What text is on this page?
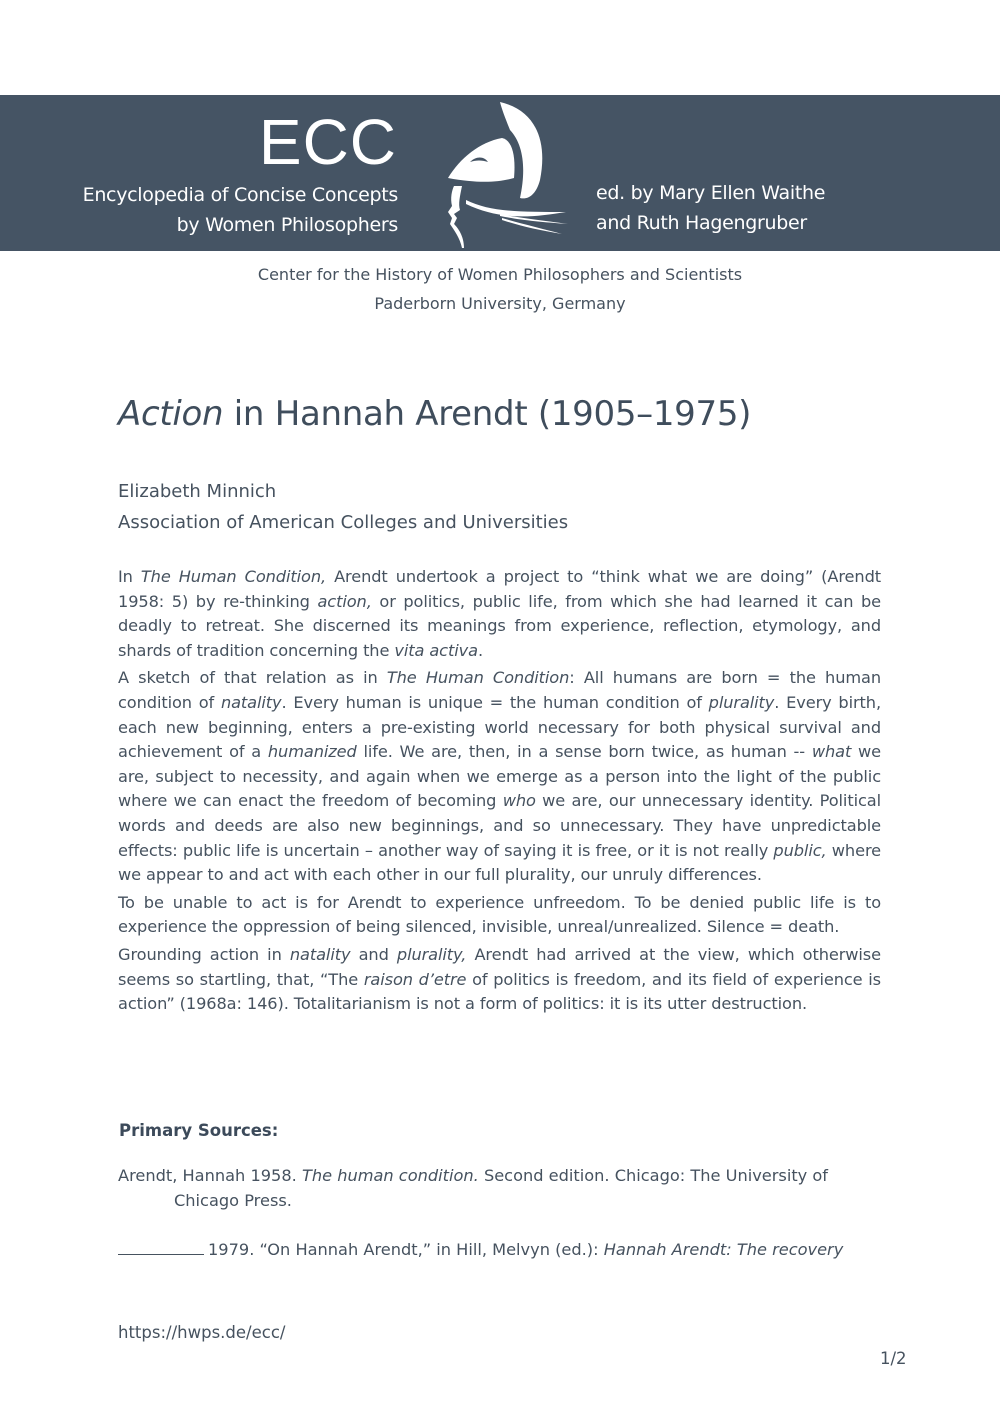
ECC
Encyclopedia of Concise Concepts
by Women Philosophers
ed. by Mary Ellen Waithe
and Ruth Hagengruber
Center for the History of Women Philosophers and Scientists
Paderborn University, Germany
Action in Hannah Arendt (1905–1975)
Elizabeth Minnich
Association of American Colleges and Universities

In The Human Condition, Arendt undertook a project to “think what we are doing” (Arendt 1958: 5) by re-thinking action, or politics, public life, from which she had learned it can be deadly to retreat. She discerned its meanings from experience, reflection, etymology, and shards of tradition concerning the vita activa.

A sketch of that relation as in The Human Condition: All humans are born = the human condition of natality. Every human is unique = the human condition of plurality. Every birth, each new beginning, enters a pre-existing world necessary for both physical survival and achievement of a humanized life. We are, then, in a sense born twice, as human -- what we are, subject to necessity, and again when we emerge as a person into the light of the public where we can enact the freedom of becoming who we are, our unnecessary identity. Political words and deeds are also new beginnings, and so unnecessary. They have unpredictable effects: public life is uncertain – another way of saying it is free, or it is not really public, where we appear to and act with each other in our full plurality, our unruly differences.

To be unable to act is for Arendt to experience unfreedom. To be denied public life is to experience the oppression of being silenced, invisible, unreal/unrealized. Silence = death.

Grounding action in natality and plurality, Arendt had arrived at the view, which otherwise seems so startling, that, “The raison d’etre of politics is freedom, and its field of experience is action” (1968a: 146). Totalitarianism is not a form of politics: it is its utter destruction.

Primary Sources:
Arendt, Hannah 1958. The human condition. Second edition. Chicago: The University of
Chicago Press.
1979. “On Hannah Arendt,” in Hill, Melvyn (ed.): Hannah Arendt: The recovery
https://hwps.de/ecc/
1/2
